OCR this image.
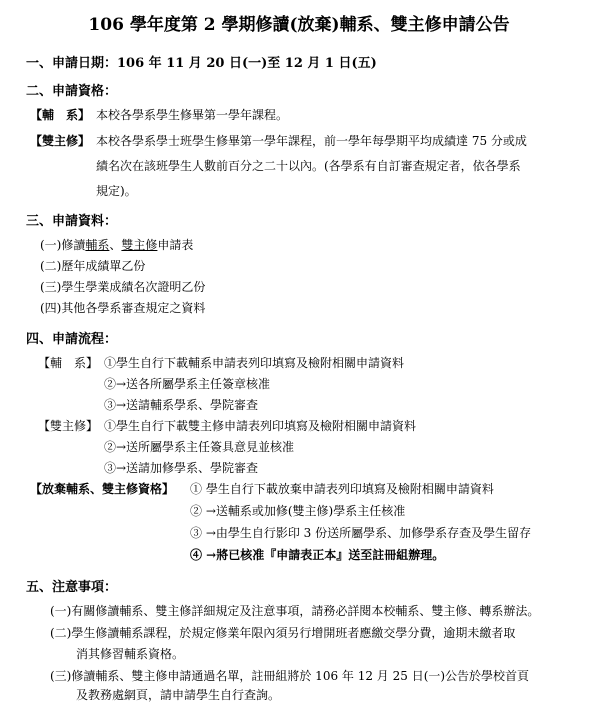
106 學年度第 2 學期修讀(放棄)輔系、雙主修申請公告
一、申請日期：106 年 11 月 20 日(一)至 12 月 1 日(五)
二、申請資格：
【輔　系】 本校各學系學生修畢第一學年課程。
【雙主修】 本校各學系學士班學生修畢第一學年課程，前一學年每學期平均成績達 75 分或成
績名次在該班學生人數前百分之二十以內。(各學系有自訂審查規定者，依各學系
規定)。
三、申請資料：
(一)修讀輔系、雙主修申請表
(二)歷年成績單乙份
(三)學生學業成績名次證明乙份
(四)其他各學系審查規定之資料
四、申請流程：
【輔　系】 ①學生自行下載輔系申請表列印填寫及檢附相關申請資料
②→送各所屬學系主任簽章核准
③→送請輔系學系、學院審查
【雙主修】 ①學生自行下載雙主修申請表列印填寫及檢附相關申請資料
②→送所屬學系主任簽具意見並核准
③→送請加修學系、學院審查
【放棄輔系、雙主修資格】 ① 學生自行下載放棄申請表列印填寫及檢附相關申請資料
② →送輔系或加修(雙主修)學系主任核准
③ →由學生自行影印 3 份送所屬學系、加修學系存查及學生留存
④ →將已核准『申請表正本』送至註冊組辦理。
五、注意事項：
(一)有關修讀輔系、雙主修詳細規定及注意事項，請務必詳閱本校輔系、雙主修、轉系辦法。
(二)學生修讀輔系課程，於規定修業年限內須另行增開班者應繳交學分費，逾期未繳者取
消其修習輔系資格。
(三)修讀輔系、雙主修申請通過名單，註冊組將於 106 年 12 月 25 日(一)公告於學校首頁
及教務處網頁，請申請學生自行查詢。
